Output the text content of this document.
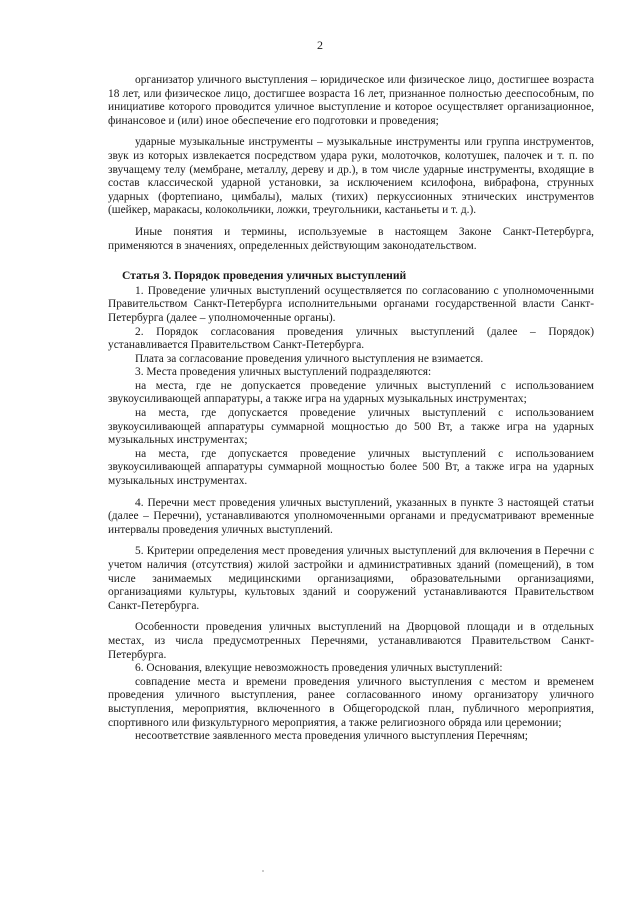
2

организатор уличного выступления – юридическое или физическое лицо, достигшее возраста 18 лет, или физическое лицо, достигшее возраста 16 лет, признанное полностью дееспособным, по инициативе которого проводится уличное выступление и которое осуществляет организационное, финансовое и (или) иное обеспечение его подготовки и проведения;

ударные музыкальные инструменты – музыкальные инструменты или группа инструментов, звук из которых извлекается посредством удара руки, молоточков, колотушек, палочек и т. п. по звучащему телу (мембране, металлу, дереву и др.), в том числе ударные инструменты, входящие в состав классической ударной установки, за исключением ксилофона, вибрафона, струнных ударных (фортепиано, цимбалы), малых (тихих) перкуссионных этнических инструментов (шейкер, маракасы, колокольчики, ложки, треугольники, кастаньеты и т. д.).

Иные понятия и термины, используемые в настоящем Законе Санкт-Петербурга, применяются в значениях, определенных действующим законодательством.

Статья 3. Порядок проведения уличных выступлений

1. Проведение уличных выступлений осуществляется по согласованию с уполномоченными Правительством Санкт-Петербурга исполнительными органами государственной власти Санкт-Петербурга (далее – уполномоченные органы).

2. Порядок согласования проведения уличных выступлений (далее – Порядок) устанавливается Правительством Санкт-Петербурга.

Плата за согласование проведения уличного выступления не взимается.

3. Места проведения уличных выступлений подразделяются:

на места, где не допускается проведение уличных выступлений с использованием звукоусиливающей аппаратуры, а также игра на ударных музыкальных инструментах;

на места, где допускается проведение уличных выступлений с использованием звукоусиливающей аппаратуры суммарной мощностью до 500 Вт, а также игра на ударных музыкальных инструментах;

на места, где допускается проведение уличных выступлений с использованием звукоусиливающей аппаратуры суммарной мощностью более 500 Вт, а также игра на ударных музыкальных инструментах.

4. Перечни мест проведения уличных выступлений, указанных в пункте 3 настоящей статьи (далее – Перечни), устанавливаются уполномоченными органами и предусматривают временные интервалы проведения уличных выступлений.

5. Критерии определения мест проведения уличных выступлений для включения в Перечни с учетом наличия (отсутствия) жилой застройки и административных зданий (помещений), в том числе занимаемых медицинскими организациями, образовательными организациями, организациями культуры, культовых зданий и сооружений устанавливаются Правительством Санкт-Петербурга.

Особенности проведения уличных выступлений на Дворцовой площади и в отдельных местах, из числа предусмотренных Перечнями, устанавливаются Правительством Санкт-Петербурга.

6. Основания, влекущие невозможность проведения уличных выступлений:

совпадение места и времени проведения уличного выступления с местом и временем проведения уличного выступления, ранее согласованного иному организатору уличного выступления, мероприятия, включенного в Общегородской план, публичного мероприятия, спортивного или физкультурного мероприятия, а также религиозного обряда или церемонии;

несоответствие заявленного места проведения уличного выступления Перечням;
